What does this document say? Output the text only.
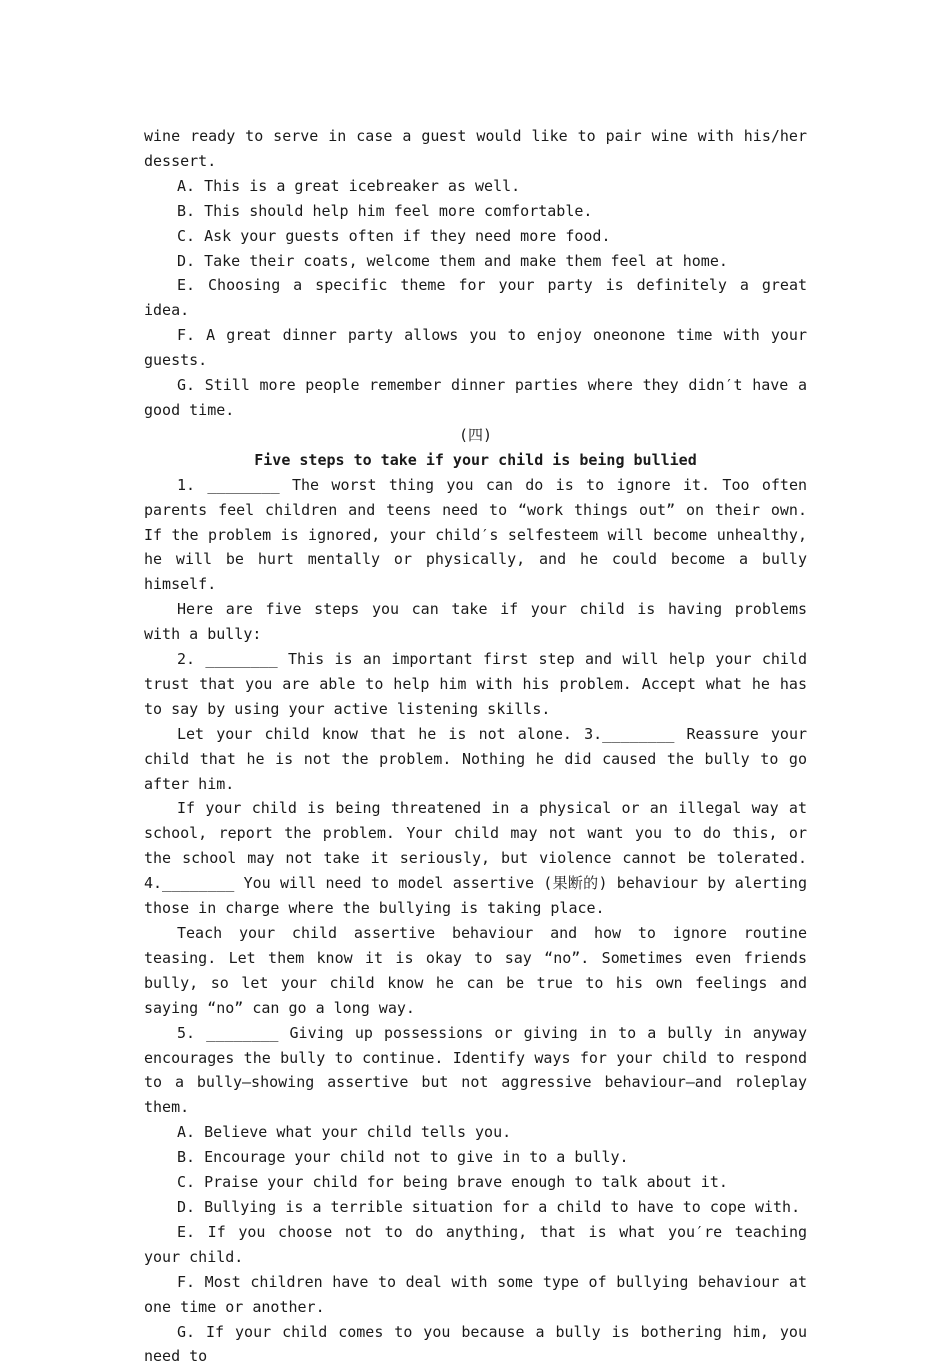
wine ready to serve in case a guest would like to pair wine with his/her dessert.

A. This is a great icebreaker as well.

B. This should help him feel more comfortable.

C. Ask your guests often if they need more food.

D. Take their coats, welcome them and make them feel at home.

E. Choosing a specific theme for your party is definitely a great idea.

F. A great dinner party allows you to enjoy oneonone time with your guests.

G. Still more people remember dinner parties where they didn′t have a good time.

(四)

Five steps to take if your child is being bullied

1. ________ The worst thing you can do is to ignore it. Too often parents feel children and teens need to “work things out” on their own. If the problem is ignored, your child′s selfesteem will become unhealthy, he will be hurt mentally or physically, and he could become a bully himself.

Here are five steps you can take if your child is having problems with a bully:

2. ________ This is an important first step and will help your child trust that you are able to help him with his problem. Accept what he has to say by using your active listening skills.

Let your child know that he is not alone. 3.________ Reassure your child that he is not the problem. Nothing he did caused the bully to go after him.

If your child is being threatened in a physical or an illegal way at school, report the problem. Your child may not want you to do this, or the school may not take it seriously, but violence cannot be tolerated. 4.________ You will need to model assertive (果断的) behaviour by alerting those in charge where the bullying is taking place.

Teach your child assertive behaviour and how to ignore routine teasing. Let them know it is okay to say “no”. Sometimes even friends bully, so let your child know he can be true to his own feelings and saying “no” can go a long way.

5. ________ Giving up possessions or giving in to a bully in anyway encourages the bully to continue. Identify ways for your child to respond to a bully—showing assertive but not aggressive behaviour—and roleplay them.

A. Believe what your child tells you.

B. Encourage your child not to give in to a bully.

C. Praise your child for being brave enough to talk about it.

D. Bullying is a terrible situation for a child to have to cope with.

E. If you choose not to do anything, that is what you′re teaching your child.

F. Most children have to deal with some type of bullying behaviour at one time or another.

G. If your child comes to you because a bully is bothering him, you need to
